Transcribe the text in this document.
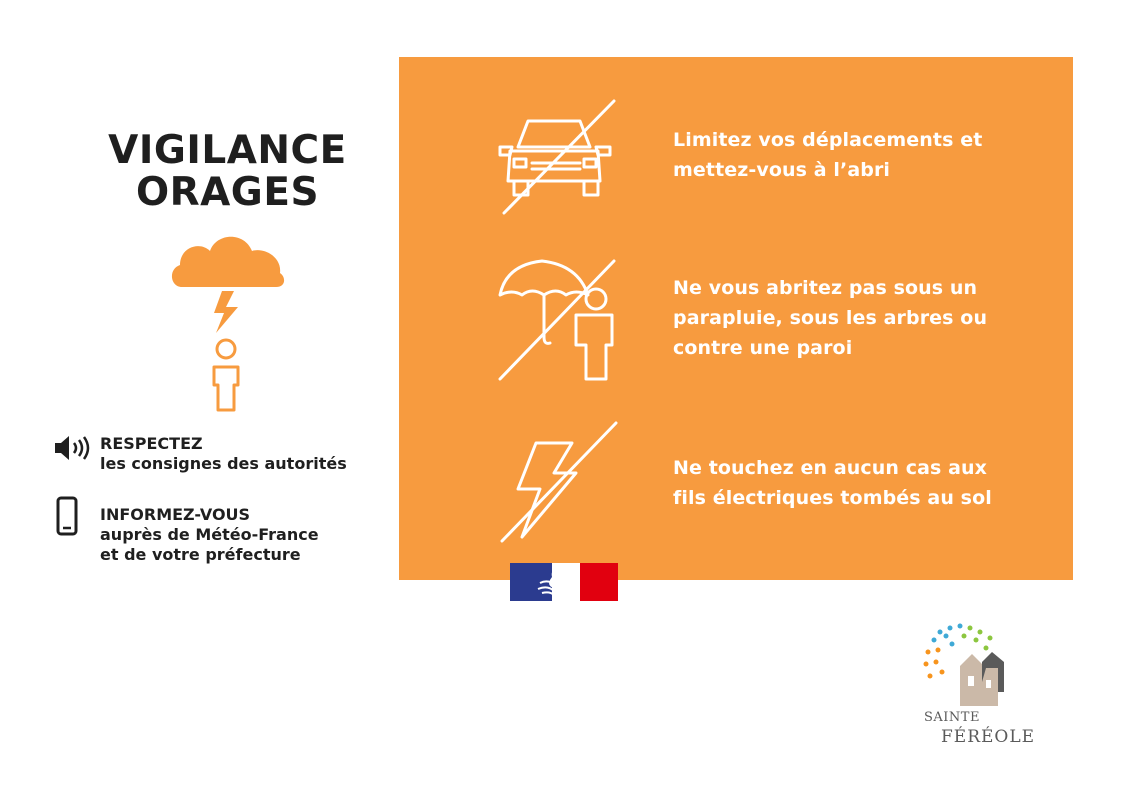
VIGILANCE
ORAGES
RESPECTEZ
les consignes des autorités
INFORMEZ-VOUS
auprès de Météo-France
et de votre préfecture
Limitez vos déplacements et
mettez-vous à l’abri
Ne vous abritez pas sous un
parapluie, sous les arbres ou
contre une paroi
Ne touchez en aucun cas aux
fils électriques tombés au sol
SAINTE
FÉRÉOLE
